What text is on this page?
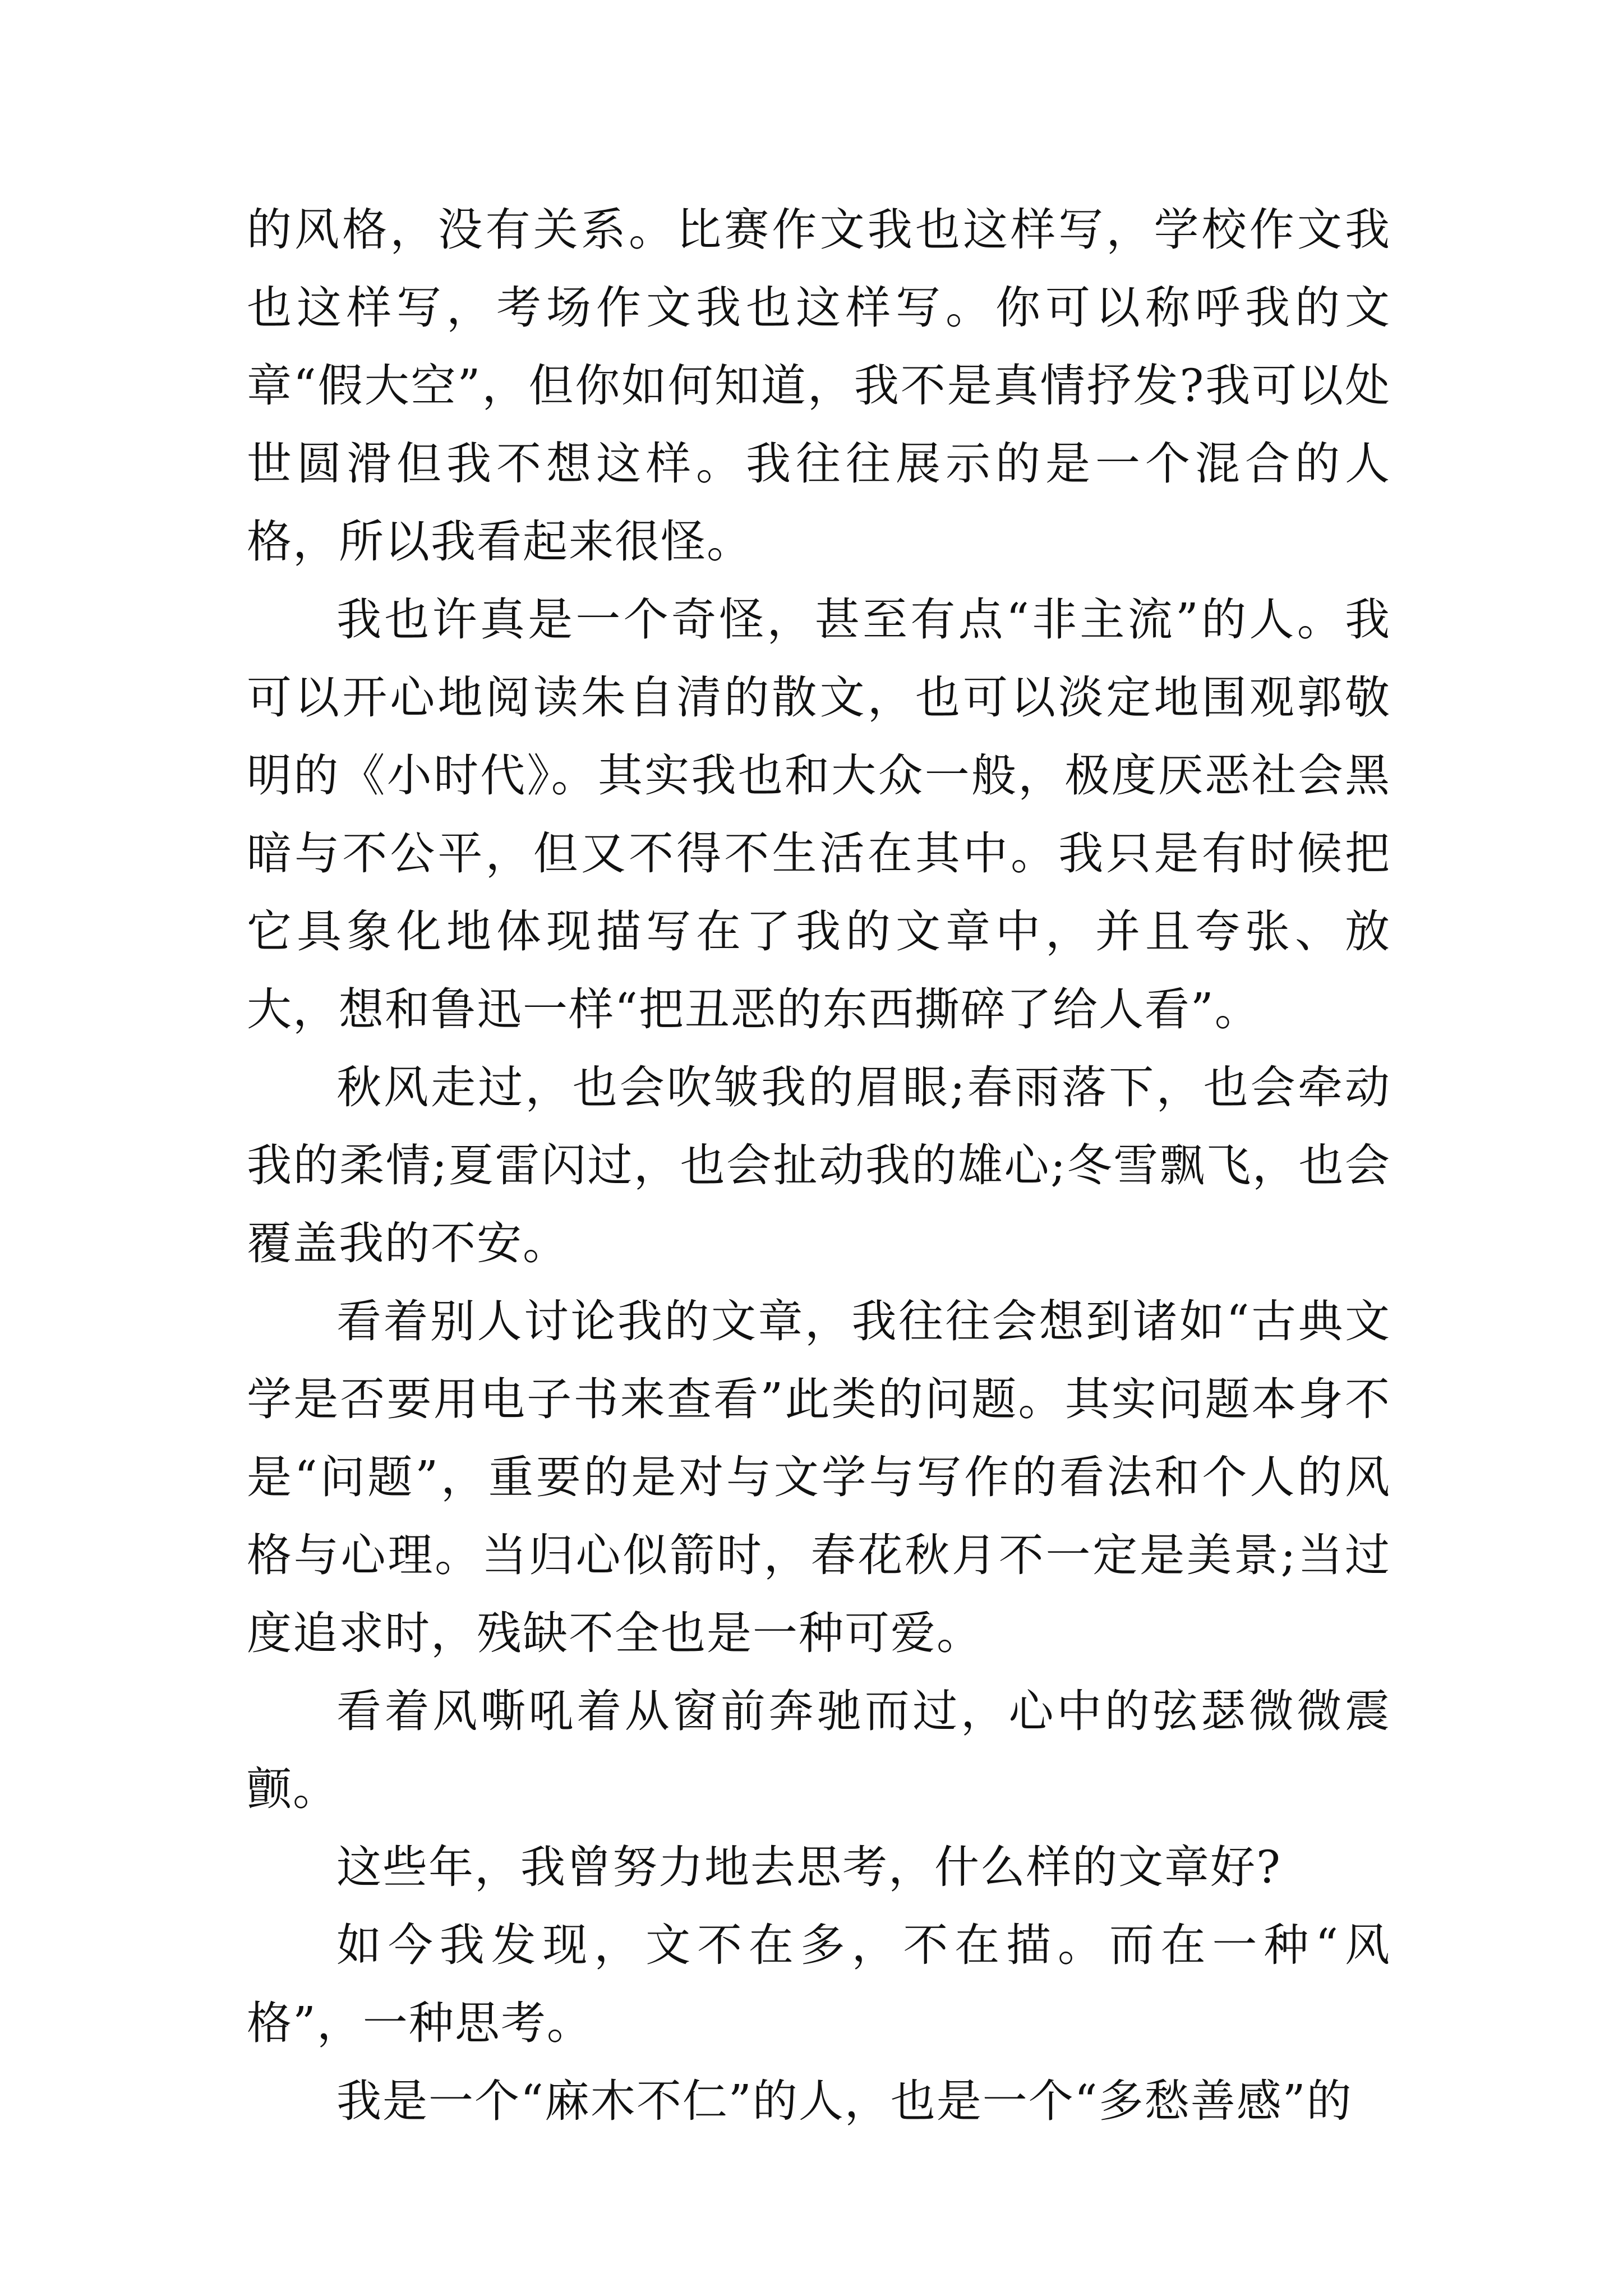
的风格，没有关系。比赛作文我也这样写，学校作文我也这样写，考场作文我也这样写。你可以称呼我的文章“假大空”，但你如何知道，我不是真情抒发?我可以处世圆滑但我不想这样。我往往展示的是一个混合的人格，所以我看起来很怪。

我也许真是一个奇怪，甚至有点“非主流”的人。我可以开心地阅读朱自清的散文，也可以淡定地围观郭敬明的《小时代》。其实我也和大众一般，极度厌恶社会黑暗与不公平，但又不得不生活在其中。我只是有时候把它具象化地体现描写在了我的文章中，并且夸张、放大，想和鲁迅一样“把丑恶的东西撕碎了给人看”。

秋风走过，也会吹皱我的眉眼;春雨落下，也会牵动我的柔情;夏雷闪过，也会扯动我的雄心;冬雪飘飞，也会覆盖我的不安。

看着别人讨论我的文章，我往往会想到诸如“古典文学是否要用电子书来查看”此类的问题。其实问题本身不是“问题”，重要的是对与文学与写作的看法和个人的风格与心理。当归心似箭时，春花秋月不一定是美景;当过度追求时，残缺不全也是一种可爱。

看着风嘶吼着从窗前奔驰而过，心中的弦瑟微微震颤。

这些年，我曾努力地去思考，什么样的文章好?

如今我发现，文不在多，不在描。而在一种“风格”，一种思考。

我是一个“麻木不仁”的人，也是一个“多愁善感”的
